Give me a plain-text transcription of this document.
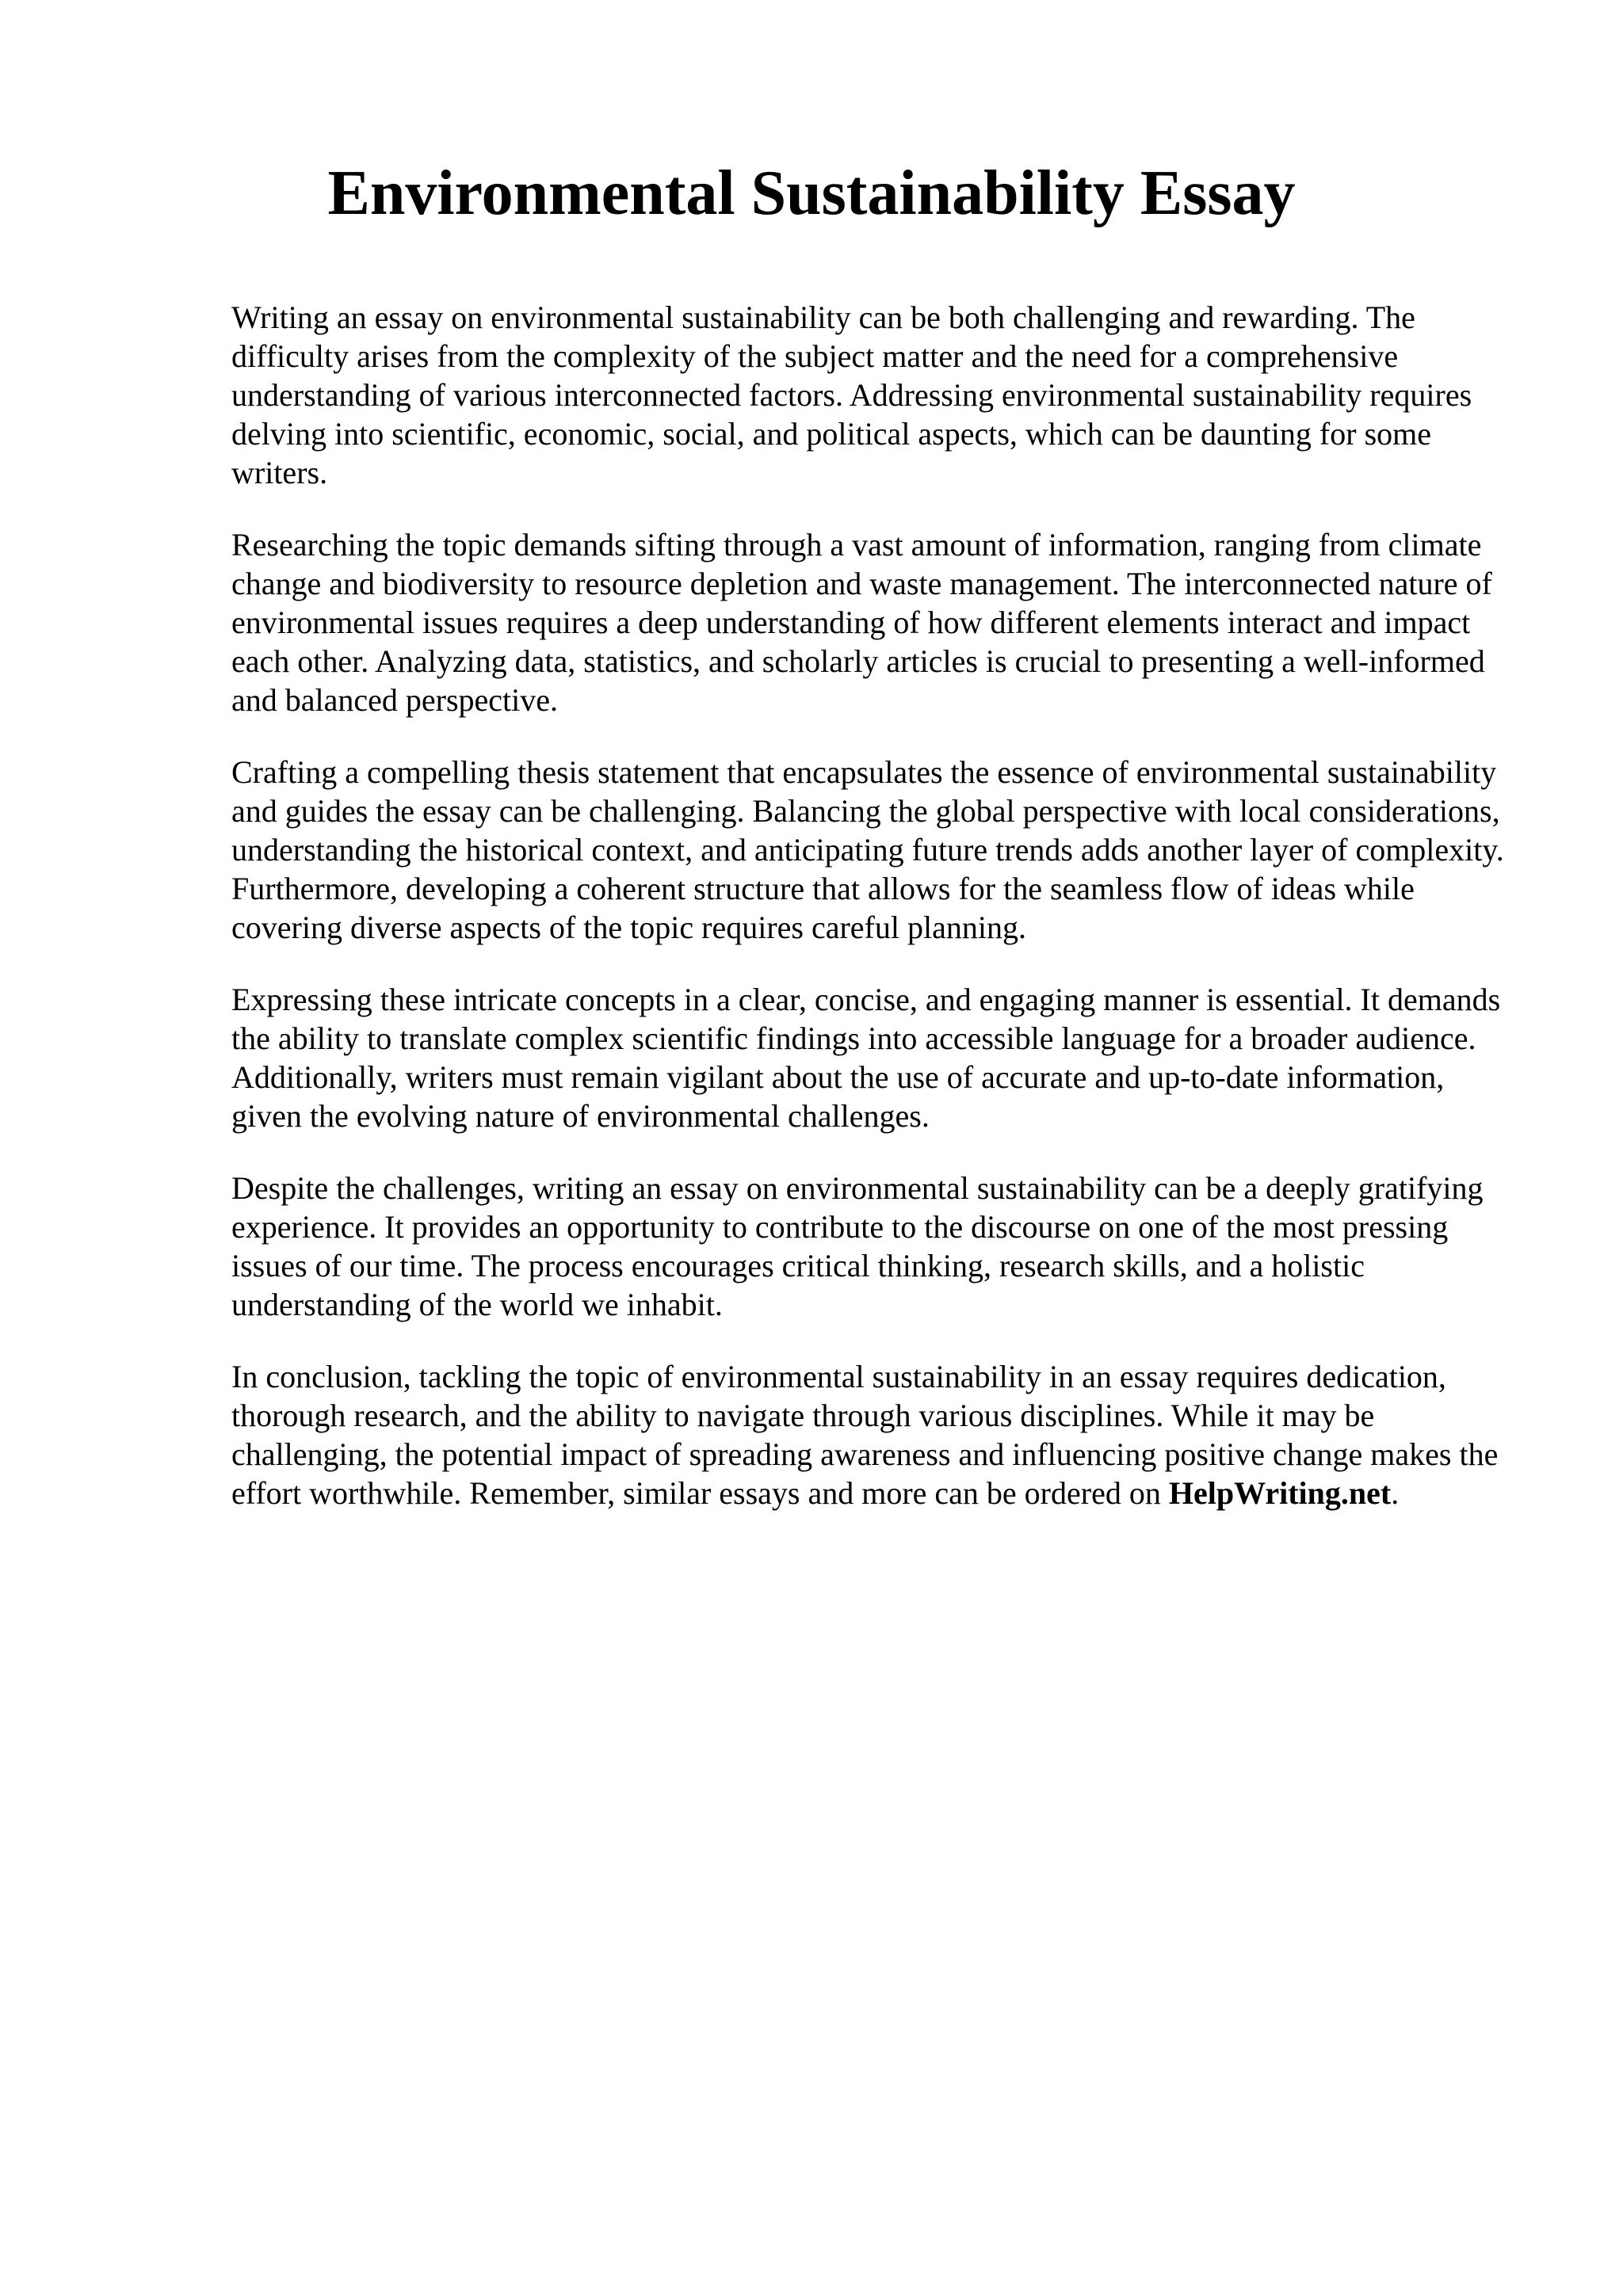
Environmental Sustainability Essay

Writing an essay on environmental sustainability can be both challenging and rewarding. The difficulty arises from the complexity of the subject matter and the need for a comprehensive understanding of various interconnected factors. Addressing environmental sustainability requires delving into scientific, economic, social, and political aspects, which can be daunting for some writers.

Researching the topic demands sifting through a vast amount of information, ranging from climate change and biodiversity to resource depletion and waste management. The interconnected nature of environmental issues requires a deep understanding of how different elements interact and impact each other. Analyzing data, statistics, and scholarly articles is crucial to presenting a well-informed and balanced perspective.

Crafting a compelling thesis statement that encapsulates the essence of environmental sustainability and guides the essay can be challenging. Balancing the global perspective with local considerations, understanding the historical context, and anticipating future trends adds another layer of complexity. Furthermore, developing a coherent structure that allows for the seamless flow of ideas while covering diverse aspects of the topic requires careful planning.

Expressing these intricate concepts in a clear, concise, and engaging manner is essential. It demands the ability to translate complex scientific findings into accessible language for a broader audience. Additionally, writers must remain vigilant about the use of accurate and up-to-date information, given the evolving nature of environmental challenges.

Despite the challenges, writing an essay on environmental sustainability can be a deeply gratifying experience. It provides an opportunity to contribute to the discourse on one of the most pressing issues of our time. The process encourages critical thinking, research skills, and a holistic understanding of the world we inhabit.

In conclusion, tackling the topic of environmental sustainability in an essay requires dedication, thorough research, and the ability to navigate through various disciplines. While it may be challenging, the potential impact of spreading awareness and influencing positive change makes the effort worthwhile. Remember, similar essays and more can be ordered on HelpWriting.net.
